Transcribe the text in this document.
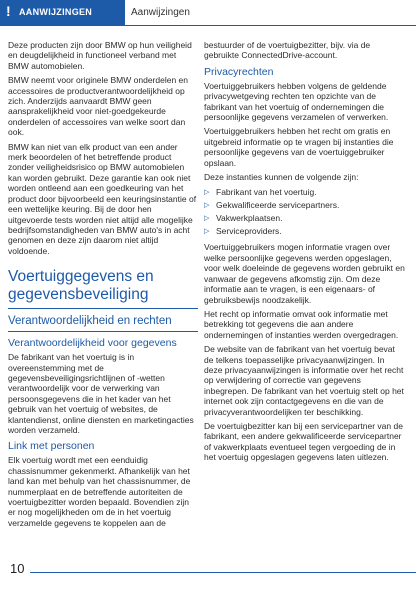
! AANWIJZINGEN	Aanwijzingen

Deze producten zijn door BMW op hun veiligheid en deugdelijkheid in functioneel verband met BMW automobielen.

BMW neemt voor originele BMW onderdelen en accessoires de productverantwoordelijkheid op zich. Anderzijds aanvaardt BMW geen aansprakelijkheid voor niet-goedgekeurde onderdelen of accessoires van welke soort dan ook.

BMW kan niet van elk product van een ander merk beoordelen of het betreffende product zonder veiligheidsrisico op BMW automobielen kan worden gebruikt. Deze garantie kan ook niet worden ontleend aan een goedkeuring van het product door bijvoorbeeld een keuringsinstantie of een wettelijke keuring. Bij de door hen uitgevoerde tests worden niet altijd alle mogelijke bedrijfsomstandigheden van BMW auto's in acht genomen en deze zijn daarom niet altijd voldoende.

Voertuiggegevens en gegevensbeveiliging
Verantwoordelijkheid en rechten
Verantwoordelijkheid voor gegevens

De fabrikant van het voertuig is in overeenstemming met de gegevensbeveiligingsrichtlijnen of -wetten verantwoordelijk voor de verwerking van persoonsgegevens die in het kader van het gebruik van het voertuig of websites, de klantendienst, online diensten en marketingacties worden verzameld.

Link met personen

Elk voertuig wordt met een eenduidig chassisnummer gekenmerkt. Afhankelijk van het land kan met behulp van het chassisnummer, de nummerplaat en de betreffende autoriteiten de voertuigbezitter worden bepaald. Bovendien zijn er nog mogelijkheden om de in het voertuig verzamelde gegevens te koppelen aan de

bestuurder of de voertuigbezitter, bijv. via de gebruikte ConnectedDrive-account.

Privacyrechten

Voertuiggebruikers hebben volgens de geldende privacywetgeving rechten ten opzichte van de fabrikant van het voertuig of ondernemingen die persoonlijke gegevens verzamelen of verwerken.

Voertuiggebruikers hebben het recht om gratis en uitgebreid informatie op te vragen bij instanties die persoonlijke gegevens van de voertuiggebruiker opslaan.

Deze instanties kunnen de volgende zijn:

▷ Fabrikant van het voertuig.
▷ Gekwalificeerde servicepartners.
▷ Vakwerkplaatsen.
▷ Serviceproviders.

Voertuiggebruikers mogen informatie vragen over welke persoonlijke gegevens werden opgeslagen, voor welk doeleinde de gegevens worden gebruikt en vanwaar de gegevens afkomstig zijn. Om deze informatie aan te vragen, is een eigenaars- of gebruiksbewijs noodzakelijk.

Het recht op informatie omvat ook informatie met betrekking tot gegevens die aan andere ondernemingen of instanties werden overgedragen.

De website van de fabrikant van het voertuig bevat de telkens toepasselijke privacyaanwijzingen. In deze privacyaanwijzingen is informatie over het recht op verwijdering of correctie van gegevens inbegrepen. De fabrikant van het voertuig stelt op het internet ook zijn contactgegevens en die van de privacyverantwoordelijken ter beschikking.

De voertuigbezitter kan bij een servicepartner van de fabrikant, een andere gekwalificeerde servicepartner of vakwerkplaats eventueel tegen vergoeding de in het voertuig opgeslagen gegevens laten uitlezen.

10
